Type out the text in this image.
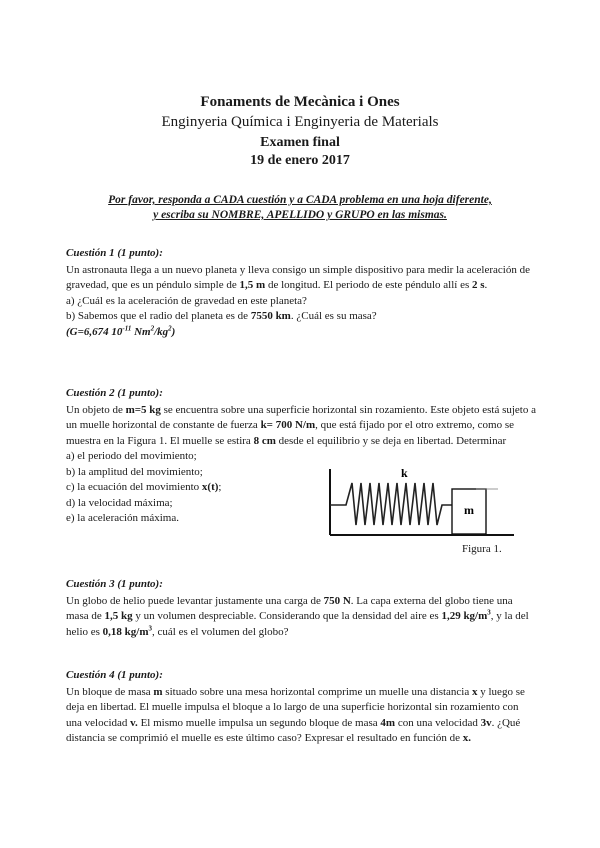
Fonaments de Mecànica i Ones
Enginyeria Química i Enginyeria de Materials
Examen final
19 de enero 2017
Por favor, responda a CADA cuestión y a CADA problema en una hoja diferente,
y escriba su NOMBRE, APELLIDO y GRUPO en las mismas.
Cuestión 1 (1 punto):

Un astronauta llega a un nuevo planeta y lleva consigo un simple dispositivo para medir la aceleración de gravedad, que es un péndulo simple de 1,5 m de longitud. El periodo de este péndulo allí es 2 s.

a) ¿Cuál es la aceleración de gravedad en este planeta?

b) Sabemos que el radio del planeta es de 7550 km. ¿Cuál es su masa?

(G=6,674 $10^{-11}$ $Nm^2/kg^2$)

Cuestión 2 (1 punto):

Un objeto de m=5 kg se encuentra sobre una superficie horizontal sin rozamiento. Este objeto está sujeto a un muelle horizontal de constante de fuerza k= 700 N/m, que está fijado por el otro extremo, como se muestra en la Figura 1. El muelle se estira 8 cm desde el equilibrio y se deja en libertad. Determinar

a) el periodo del movimiento;

b) la amplitud del movimiento;

c) la ecuación del movimiento x(t);

d) la velocidad máxima;

e) la aceleración máxima.

k
m
Figura 1.
Cuestión 3 (1 punto):

Un globo de helio puede levantar justamente una carga de 750 N. La capa externa del globo tiene una masa de 1,5 kg y un volumen despreciable. Considerando que la densidad del aire es 1,29 $kg/m^3$, y la del helio es 0,18 $kg/m^3$, cuál es el volumen del globo?

Cuestión 4 (1 punto):

Un bloque de masa m situado sobre una mesa horizontal comprime un muelle una distancia x y luego se deja en libertad. El muelle impulsa el bloque a lo largo de una superficie horizontal sin rozamiento con una velocidad v. El mismo muelle impulsa un segundo bloque de masa 4m con una velocidad 3v. ¿Qué distancia se comprimió el muelle es este último caso? Expresar el resultado en función de x.
